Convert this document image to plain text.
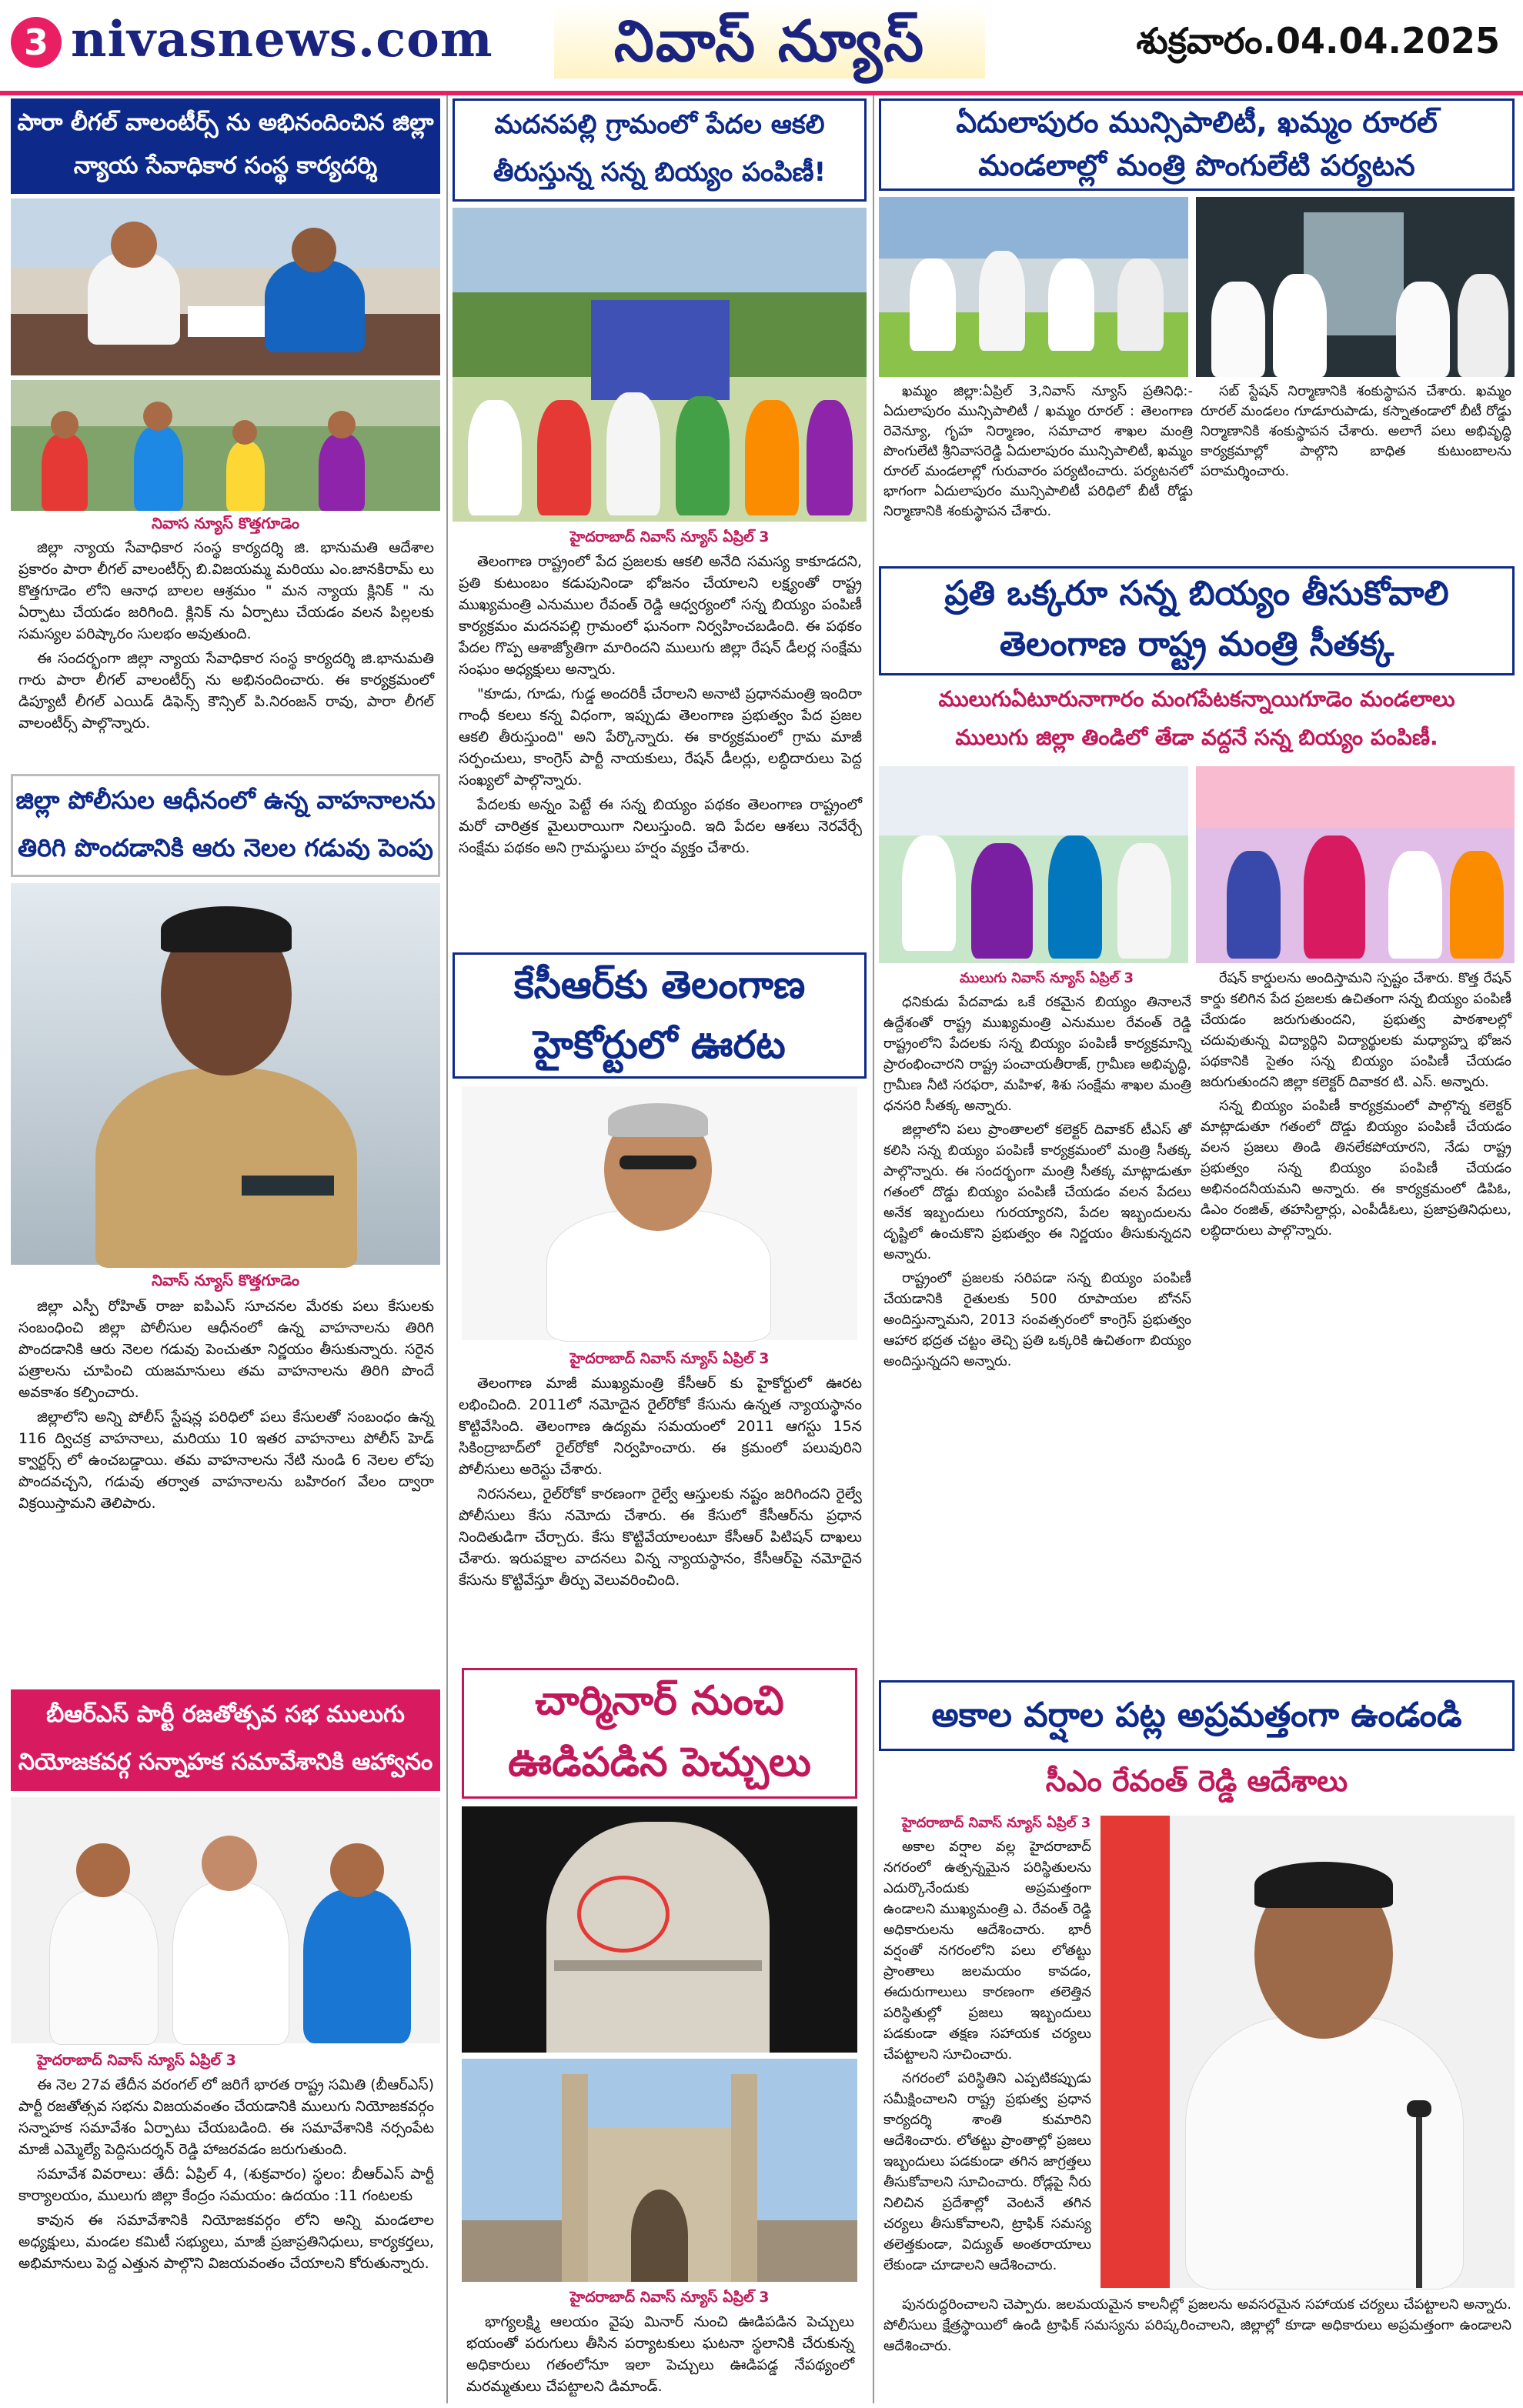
3 nivasnews.com	నివాస్ న్యూస్	శుక్రవారం.04.04.2025
పారా లీగల్ వాలంటీర్స్ ను అభినందించిన జిల్లా
న్యాయ సేవాధికార సంస్థ కార్యదర్శి
నివాస న్యూస్ కొత్తగూడెం

జిల్లా న్యాయ సేవాధికార సంస్థ కార్యదర్శి జి. భానుమతి ఆదేశాల ప్రకారం పారా లీగల్ వాలంటీర్స్ బి.విజయమ్మ మరియు ఎం.జానకిరామ్ లు కొత్తగూడెం లోని ఆనాధ బాలల ఆశ్రమం " మన న్యాయ క్లినిక్ " ను ఏర్పాటు చేయడం జరిగింది. క్లినిక్ ను ఏర్పాటు చేయడం వలన పిల్లలకు సమస్యల పరిష్కారం సులభం అవుతుంది.

ఈ సందర్భంగా జిల్లా న్యాయ సేవాధికార సంస్థ కార్యదర్శి జి.భానుమతి గారు పారా లీగల్ వాలంటీర్స్ ను అభినందించారు. ఈ కార్యక్రమంలో డిప్యూటీ లీగల్ ఎయిడ్ డిఫెన్స్ కౌన్సిల్ పి.నిరంజన్ రావు, పారా లీగల్ వాలంటీర్స్ పాల్గొన్నారు.

జిల్లా పోలీసుల ఆధీనంలో ఉన్న వాహనాలను
తిరిగి పొందడానికి ఆరు నెలల గడువు పెంపు
నివాస్ న్యూస్ కొత్తగూడెం

జిల్లా ఎస్పీ రోహిత్ రాజు ఐపిఎస్ సూచనల మేరకు పలు కేసులకు సంబంధించి జిల్లా పోలీసుల ఆధీనంలో ఉన్న వాహనాలను తిరిగి పొందడానికి ఆరు నెలల గడువు పెంచుతూ నిర్ణయం తీసుకున్నారు. సరైన పత్రాలను చూపించి యజమానులు తమ వాహనాలను తిరిగి పొందే అవకాశం కల్పించారు.

జిల్లాలోని అన్ని పోలీస్ స్టేషన్ల పరిధిలో పలు కేసులతో సంబంధం ఉన్న 116 ద్విచక్ర వాహనాలు, మరియు 10 ఇతర వాహనాలు పోలీస్ హెడ్ క్వార్టర్స్ లో ఉంచబడ్డాయి. తమ వాహనాలను నేటి నుండి 6 నెలల లోపు పొందవచ్చని, గడువు తర్వాత వాహనాలను బహిరంగ వేలం ద్వారా విక్రయిస్తామని తెలిపారు.

బీఆర్ఎస్ పార్టీ రజతోత్సవ సభ ములుగు
నియోజకవర్గ సన్నాహక సమావేశానికి ఆహ్వానం

హైదరాబాద్ నివాస్ న్యూస్ ఏప్రిల్ 3

ఈ నెల 27వ తేదీన వరంగల్ లో జరిగే భారత రాష్ట్ర సమితి (బీఆర్ఎస్) పార్టీ రజతోత్సవ సభను విజయవంతం చేయడానికి ములుగు నియోజకవర్గం సన్నాహక సమావేశం ఏర్పాటు చేయబడింది. ఈ సమావేశానికి నర్సంపేట మాజీ ఎమ్మెల్యే పెద్దిసుదర్శన్ రెడ్డి హాజరవడం జరుగుతుంది.

సమావేశ వివరాలు: తేదీ: ఏప్రిల్ 4, (శుక్రవారం) స్థలం: బీఆర్ఎస్ పార్టీ కార్యాలయం, ములుగు జిల్లా కేంద్రం సమయం: ఉదయం :11 గంటలకు

కావున ఈ సమావేశానికి నియోజకవర్గం లోని అన్ని మండలాల అధ్యక్షులు, మండల కమిటీ సభ్యులు, మాజీ ప్రజాప్రతినిధులు, కార్యకర్తలు, అభిమానులు పెద్ద ఎత్తున పాల్గొని విజయవంతం చేయాలని కోరుతున్నారు.

మదనపల్లి గ్రామంలో పేదల ఆకలి
తీరుస్తున్న సన్న బియ్యం పంపిణీ!

హైదరాబాద్ నివాస్ న్యూస్ ఏప్రిల్ 3

తెలంగాణ రాష్ట్రంలో పేద ప్రజలకు ఆకలి అనేది సమస్య కాకూడదని, ప్రతి కుటుంబం కడుపునిండా భోజనం చేయాలని లక్ష్యంతో రాష్ట్ర ముఖ్యమంత్రి ఎనుముల రేవంత్ రెడ్డి ఆధ్వర్యంలో సన్న బియ్యం పంపిణీ కార్యక్రమం మదనపల్లి గ్రామంలో ఘనంగా నిర్వహించబడింది. ఈ పథకం పేదల గొప్ప ఆశాజ్యోతిగా మారిందని ములుగు జిల్లా రేషన్ డీలర్ల సంక్షేమ సంఘం అధ్యక్షులు అన్నారు.

"కూడు, గూడు, గుడ్డ అందరికీ చేరాలని అనాటి ప్రధానమంత్రి ఇందిరా గాంధీ కలలు కన్న విధంగా, ఇప్పుడు తెలంగాణ ప్రభుత్వం పేద ప్రజల ఆకలి తీరుస్తుంది" అని పేర్కొన్నారు. ఈ కార్యక్రమంలో గ్రామ మాజీ సర్పంచులు, కాంగ్రెస్ పార్టీ నాయకులు, రేషన్ డీలర్లు, లబ్ధిదారులు పెద్ద సంఖ్యలో పాల్గొన్నారు.

పేదలకు అన్నం పెట్టే ఈ సన్న బియ్యం పథకం తెలంగాణ రాష్ట్రంలో మరో చారిత్రక మైలురాయిగా నిలుస్తుంది. ఇది పేదల ఆశలు నెరవేర్చే సంక్షేమ పథకం అని గ్రామస్థులు హర్షం వ్యక్తం చేశారు.

కేసీఆర్‌కు తెలంగాణ
హైకోర్టులో ఊరట

హైదరాబాద్ నివాస్ న్యూస్ ఏప్రిల్ 3

తెలంగాణ మాజీ ముఖ్యమంత్రి కేసీఆర్ కు హైకోర్టులో ఊరట లభించింది. 2011లో నమోదైన రైల్‌రోకో కేసును ఉన్నత న్యాయస్థానం కొట్టివేసింది. తెలంగాణ ఉద్యమ సమయంలో 2011 ఆగస్టు 15న సికింద్రాబాద్‌లో రైల్‌రోకో నిర్వహించారు. ఈ క్రమంలో పలువురిని పోలీసులు అరెస్టు చేశారు.

నిరసనలు, రైల్‌రోకో కారణంగా రైల్వే ఆస్తులకు నష్టం జరిగిందని రైల్వే పోలీసులు కేసు నమోదు చేశారు. ఈ కేసులో కేసీఆర్‌ను ప్రధాన నిందితుడిగా చేర్చారు. కేసు కొట్టివేయాలంటూ కేసీఆర్ పిటిషన్ దాఖలు చేశారు. ఇరుపక్షాల వాదనలు విన్న న్యాయస్థానం, కేసీఆర్‌పై నమోదైన కేసును కొట్టివేస్తూ తీర్పు వెలువరించింది.

చార్మినార్ నుంచి
ఊడిపడిన పెచ్చులు

హైదరాబాద్ నివాస్ న్యూస్ ఏప్రిల్ 3

భాగ్యలక్ష్మి ఆలయం వైపు మినార్ నుంచి ఊడిపడిన పెచ్చులు భయంతో పరుగులు తీసిన పర్యాటకులు ఘటనా స్థలానికి చేరుకున్న అధికారులు గతంలోనూ ఇలా పెచ్చులు ఊడిపడ్డ నేపథ్యంలో మరమ్మతులు చేపట్టాలని డిమాండ్.

ఏదులాపురం మున్సిపాలిటీ, ఖమ్మం రూరల్
మండలాల్లో మంత్రి పొంగులేటి పర్యటన

ఖమ్మం జిల్లా:ఏప్రిల్ 3,నివాస్ న్యూస్ ప్రతినిధి:- ఏదులాపురం మున్సిపాలిటీ / ఖమ్మం రూరల్ : తెలంగాణ రెవెన్యూ, గృహ నిర్మాణం, సమాచార శాఖల మంత్రి పొంగులేటి శ్రీనివాసరెడ్డి ఏదులాపురం మున్సిపాలిటీ, ఖమ్మం రూరల్ మండలాల్లో గురువారం పర్యటించారు. పర్యటనలో భాగంగా ఏదులాపురం మున్సిపాలిటీ పరిధిలో బీటీ రోడ్డు నిర్మాణానికి శంకుస్థాపన చేశారు.

సబ్ స్టేషన్ నిర్మాణానికి శంకుస్థాపన చేశారు. ఖమ్మం రూరల్ మండలం గూడూరుపాడు, కస్నాతండాలో బీటీ రోడ్డు నిర్మాణానికి శంకుస్థాపన చేశారు. అలాగే పలు అభివృద్ధి కార్యక్రమాల్లో పాల్గొని బాధిత కుటుంబాలను పరామర్శించారు.

ప్రతి ఒక్కరూ సన్న బియ్యం తీసుకోవాలి
తెలంగాణ రాష్ట్ర మంత్రి సీతక్క
ములుగుఏటూరునాగారం మంగపేటకన్నాయిగూడెం మండలాలు
ములుగు జిల్లా తిండిలో తేడా వద్దనే సన్న బియ్యం పంపిణీ.

ములుగు నివాస్ న్యూస్ ఏప్రిల్ 3

ధనికుడు పేదవాడు ఒకే రకమైన బియ్యం తినాలనే ఉద్దేశంతో రాష్ట్ర ముఖ్యమంత్రి ఎనుముల రేవంత్ రెడ్డి రాష్ట్రంలోని పేదలకు సన్న బియ్యం పంపిణీ కార్యక్రమాన్ని ప్రారంభించారని రాష్ట్ర పంచాయతీరాజ్, గ్రామీణ అభివృద్ధి, గ్రామీణ నీటి సరఫరా, మహిళ, శిశు సంక్షేమ శాఖల మంత్రి ధనసరి సీతక్క అన్నారు.

జిల్లాలోని పలు ప్రాంతాలలో కలెక్టర్ దివాకర్ టీఎస్ తో కలిసి సన్న బియ్యం పంపిణీ కార్యక్రమంలో మంత్రి సీతక్క పాల్గొన్నారు. ఈ సందర్భంగా మంత్రి సీతక్క మాట్లాడుతూ గతంలో దొడ్డు బియ్యం పంపిణీ చేయడం వలన పేదలు అనేక ఇబ్బందులు గురయ్యారని, పేదల ఇబ్బందులను దృష్టిలో ఉంచుకొని ప్రభుత్వం ఈ నిర్ణయం తీసుకున్నదని అన్నారు.

రాష్ట్రంలో ప్రజలకు సరిపడా సన్న బియ్యం పంపిణీ చేయడానికి రైతులకు 500 రూపాయల బోనస్ అందిస్తున్నామని, 2013 సంవత్సరంలో కాంగ్రెస్ ప్రభుత్వం ఆహార భద్రత చట్టం తెచ్చి ప్రతి ఒక్కరికి ఉచితంగా బియ్యం అందిస్తున్నదని అన్నారు.

రేషన్ కార్డులను అందిస్తామని స్పష్టం చేశారు. కొత్త రేషన్ కార్డు కలిగిన పేద ప్రజలకు ఉచితంగా సన్న బియ్యం పంపిణీ చేయడం జరుగుతుందని, ప్రభుత్వ పాఠశాలల్లో చదువుతున్న విద్యార్థిని విద్యార్థులకు మధ్యాహ్న భోజన పథకానికి సైతం సన్న బియ్యం పంపిణీ చేయడం జరుగుతుందని జిల్లా కలెక్టర్ దివాకర టి. ఎస్. అన్నారు.

సన్న బియ్యం పంపిణీ కార్యక్రమంలో పాల్గొన్న కలెక్టర్ మాట్లాడుతూ గతంలో దొడ్డు బియ్యం పంపిణీ చేయడం వలన ప్రజలు తిండి తినలేకపోయారని, నేడు రాష్ట్ర ప్రభుత్వం సన్న బియ్యం పంపిణీ చేయడం అభినందనీయమని అన్నారు. ఈ కార్యక్రమంలో డిపిఓ, డిఎం రంజిత్, తహసిల్దార్లు, ఎంపీడీఓలు, ప్రజాప్రతినిధులు, లబ్ధిదారులు పాల్గొన్నారు.

అకాల వర్షాల పట్ల అప్రమత్తంగా ఉండండి
సీఎం రేవంత్ రెడ్డి ఆదేశాలు

హైదరాబాద్ నివాస్ న్యూస్ ఏప్రిల్ 3

అకాల వర్షాల వల్ల హైదరాబాద్ నగరంలో ఉత్పన్నమైన పరిస్థితులను ఎదుర్కొనేందుకు అప్రమత్తంగా ఉండాలని ముఖ్యమంత్రి ఎ. రేవంత్ రెడ్డి అధికారులను ఆదేశించారు. భారీ వర్షంతో నగరంలోని పలు లోతట్టు ప్రాంతాలు జలమయం కావడం, ఈదురుగాలులు కారణంగా తలెత్తిన పరిస్థితుల్లో ప్రజలు ఇబ్బందులు పడకుండా తక్షణ సహాయక చర్యలు చేపట్టాలని సూచించారు.

నగరంలో పరిస్థితిని ఎప్పటికప్పుడు సమీక్షించాలని రాష్ట్ర ప్రభుత్వ ప్రధాన కార్యదర్శి శాంతి కుమారిని ఆదేశించారు. లోతట్టు ప్రాంతాల్లో ప్రజలు ఇబ్బందులు పడకుండా తగిన జాగ్రత్తలు తీసుకోవాలని సూచించారు. రోడ్లపై నీరు నిలిచిన ప్రదేశాల్లో వెంటనే తగిన చర్యలు తీసుకోవాలని, ట్రాఫిక్ సమస్య తలెత్తకుండా, విద్యుత్ అంతరాయాలు లేకుండా చూడాలని ఆదేశించారు.

పునరుద్ధరించాలని చెప్పారు. జలమయమైన కాలనీల్లో ప్రజలను అవసరమైన సహాయక చర్యలు చేపట్టాలని అన్నారు. పోలీసులు క్షేత్రస్థాయిలో ఉండి ట్రాఫిక్ సమస్యను పరిష్కరించాలని, జిల్లాల్లో కూడా అధికారులు అప్రమత్తంగా ఉండాలని ఆదేశించారు.
